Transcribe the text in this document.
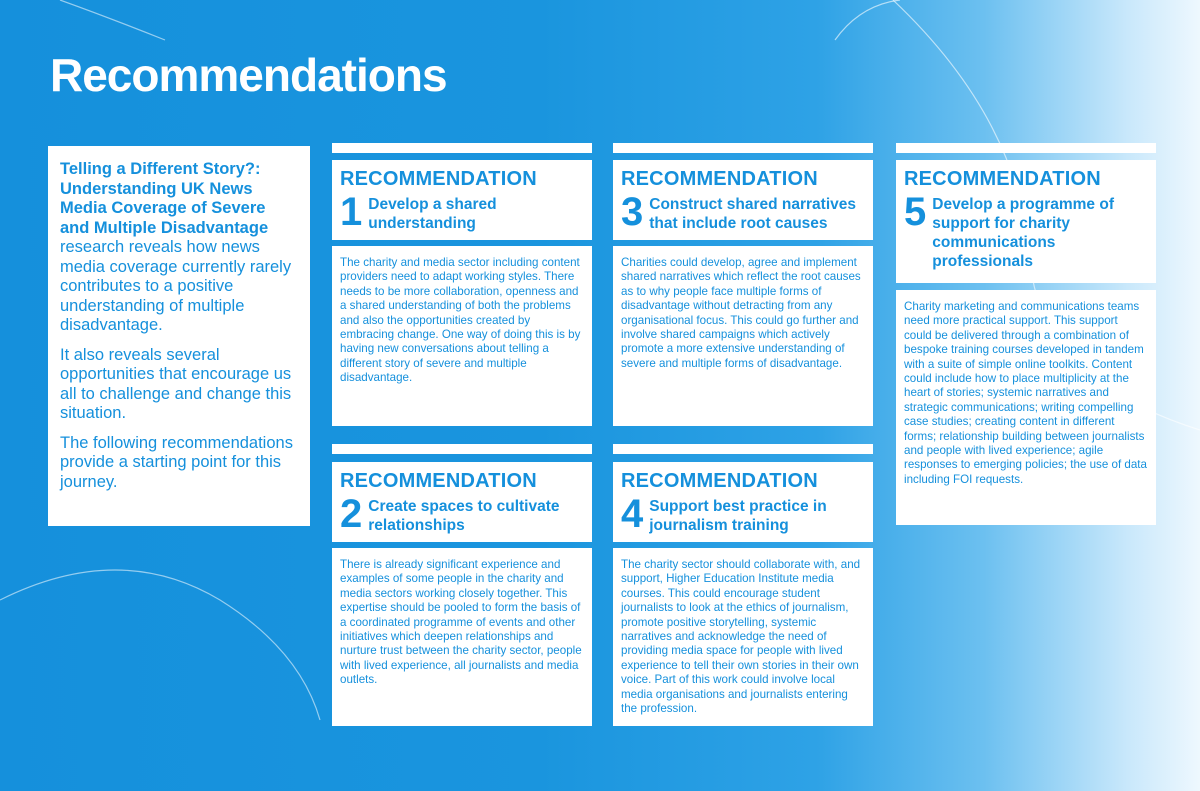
Recommendations

Telling a Different Story?: Understanding UK News Media Coverage of Severe and Multiple Disadvantage research reveals how news media coverage currently rarely contributes to a positive understanding of multiple disadvantage.

It also reveals several opportunities that encourage us all to challenge and change this situation.

The following recommendations provide a starting point for this journey.

RECOMMENDATION
1 Develop a shared understanding
The charity and media sector including content providers need to adapt working styles. There needs to be more collaboration, openness and a shared understanding of both the problems and also the opportunities created by embracing change. One way of doing this is by having new conversations about telling a different story of severe and multiple disadvantage.
RECOMMENDATION
3 Construct shared narratives that include root causes
Charities could develop, agree and implement shared narratives which reflect the root causes as to why people face multiple forms of disadvantage without detracting from any organisational focus. This could go further and involve shared campaigns which actively promote a more extensive understanding of severe and multiple forms of disadvantage.
RECOMMENDATION
5 Develop a programme of support for charity communications professionals
Charity marketing and communications teams need more practical support. This support could be delivered through a combination of bespoke training courses developed in tandem with a suite of simple online toolkits. Content could include how to place multiplicity at the heart of stories; systemic narratives and strategic communications; writing compelling case studies; creating content in different forms; relationship building between journalists and people with lived experience; agile responses to emerging policies; the use of data including FOI requests.
RECOMMENDATION
2 Create spaces to cultivate relationships
There is already significant experience and examples of some people in the charity and media sectors working closely together. This expertise should be pooled to form the basis of a coordinated programme of events and other initiatives which deepen relationships and nurture trust between the charity sector, people with lived experience, all journalists and media outlets.
RECOMMENDATION
4 Support best practice in journalism training
The charity sector should collaborate with, and support, Higher Education Institute media courses. This could encourage student journalists to look at the ethics of journalism, promote positive storytelling, systemic narratives and acknowledge the need of providing media space for people with lived experience to tell their own stories in their own voice. Part of this work could involve local media organisations and journalists entering the profession.
